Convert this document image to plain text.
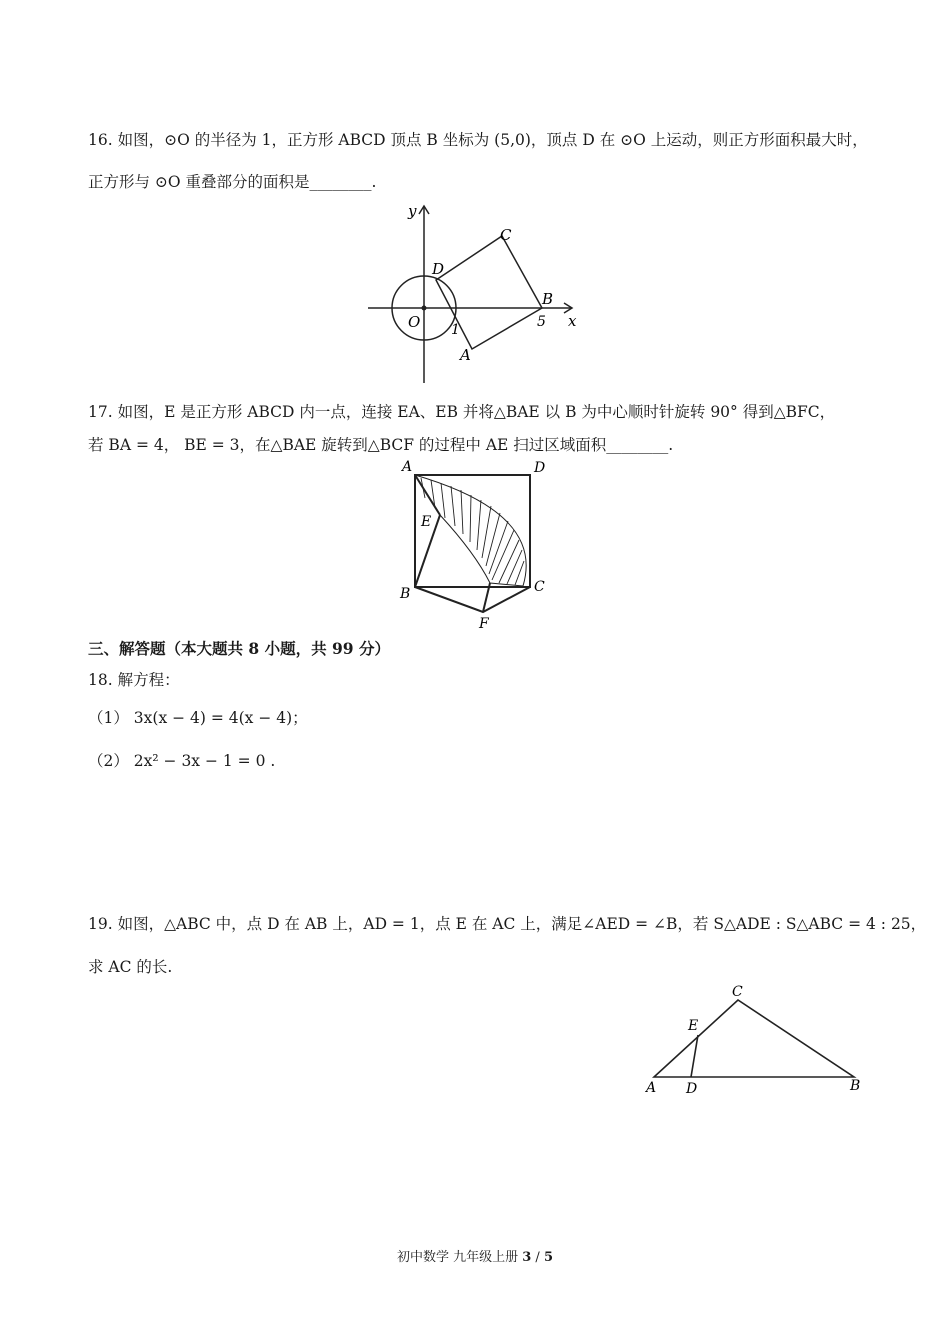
16. 如图，⊙O 的半径为 1，正方形 ABCD 顶点 B 坐标为 (5,0)，顶点 D 在 ⊙O 上运动，则正方形面积最大时，
正方形与 ⊙O 重叠部分的面积是________.
y
x
C
D
B
O 1	5
A
17. 如图，E 是正方形 ABCD 内一点，连接 EA、EB 并将△BAE 以 B 为中心顺时针旋转 90° 得到△BFC，
若 BA = 4， BE = 3，在△BAE 旋转到△BCF 的过程中 AE 扫过区域面积________.
A	D
E
B	C
F
三、解答题（本大题共 8 小题，共 99 分）
18. 解方程：
（1） 3x(x − 4) = 4(x − 4)；
（2） 2x² − 3x − 1 = 0 .
19. 如图，△ABC 中，点 D 在 AB 上，AD = 1，点 E 在 AC 上，满足∠AED = ∠B，若 S△ADE : S△ABC = 4 : 25，
求 AC 的长.
C
E
A D	B
初中数学 九年级上册 3 / 5
